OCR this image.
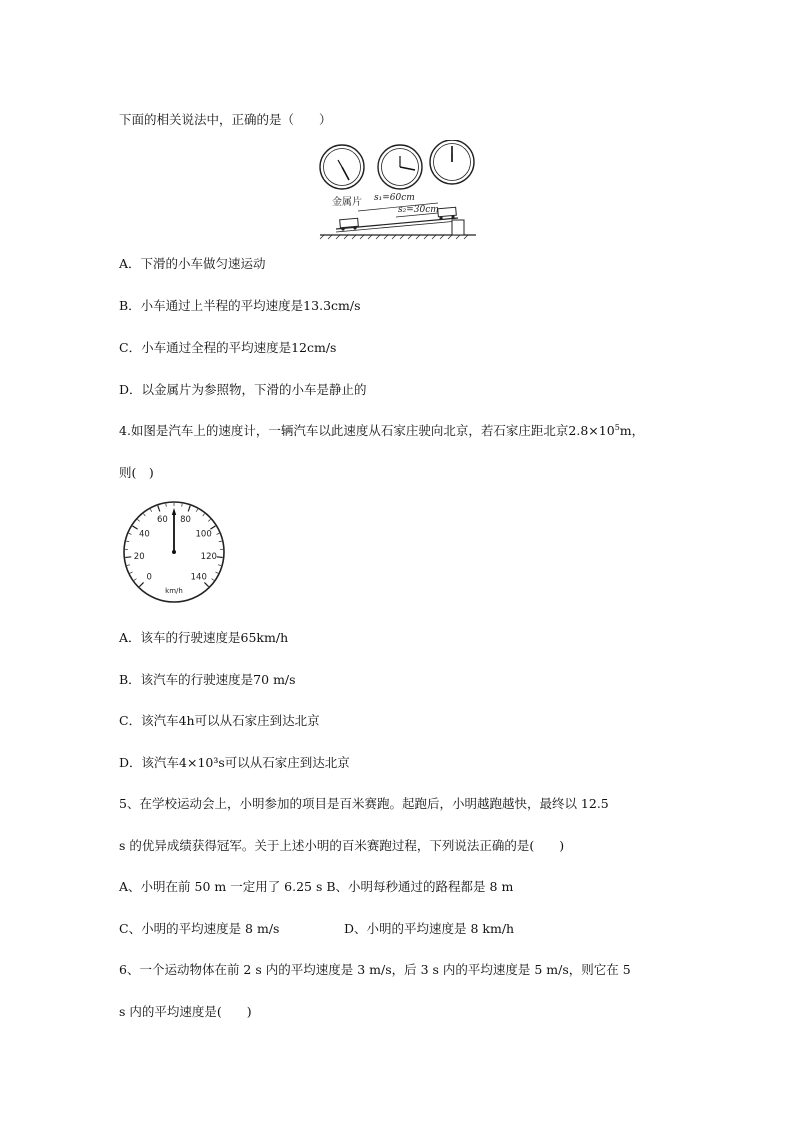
下面的相关说法中，正确的是（　　）
金属片 s₁=60cm
s₂=30cm
A．下滑的小车做匀速运动
B．小车通过上半程的平均速度是13.3cm/s
C．小车通过全程的平均速度是12cm/s
D．以金属片为参照物，下滑的小车是静止的
4.如图是汽车上的速度计，一辆汽车以此速度从石家庄驶向北京，若石家庄距北京$2.8\times 10^5m$，
则(　)
0
20
40
60 80
100
120
140
km/h
A．该车的行驶速度是65km/h
B．该汽车的行驶速度是70 m/s
C．该汽车4h可以从石家庄到达北京
D．该汽车4×10³s可以从石家庄到达北京
5、在学校运动会上，小明参加的项目是百米赛跑。起跑后，小明越跑越快，最终以 12.5
s 的优异成绩获得冠军。关于上述小明的百米赛跑过程，下列说法正确的是(　　)
A、小明在前 50 m 一定用了 6.25 s B、小明每秒通过的路程都是 8 m
C、小明的平均速度是 8 m/s	D、小明的平均速度是 8 km/h
6、一个运动物体在前 2 s 内的平均速度是 3 m/s，后 3 s 内的平均速度是 5 m/s，则它在 5
s 内的平均速度是(　　)
